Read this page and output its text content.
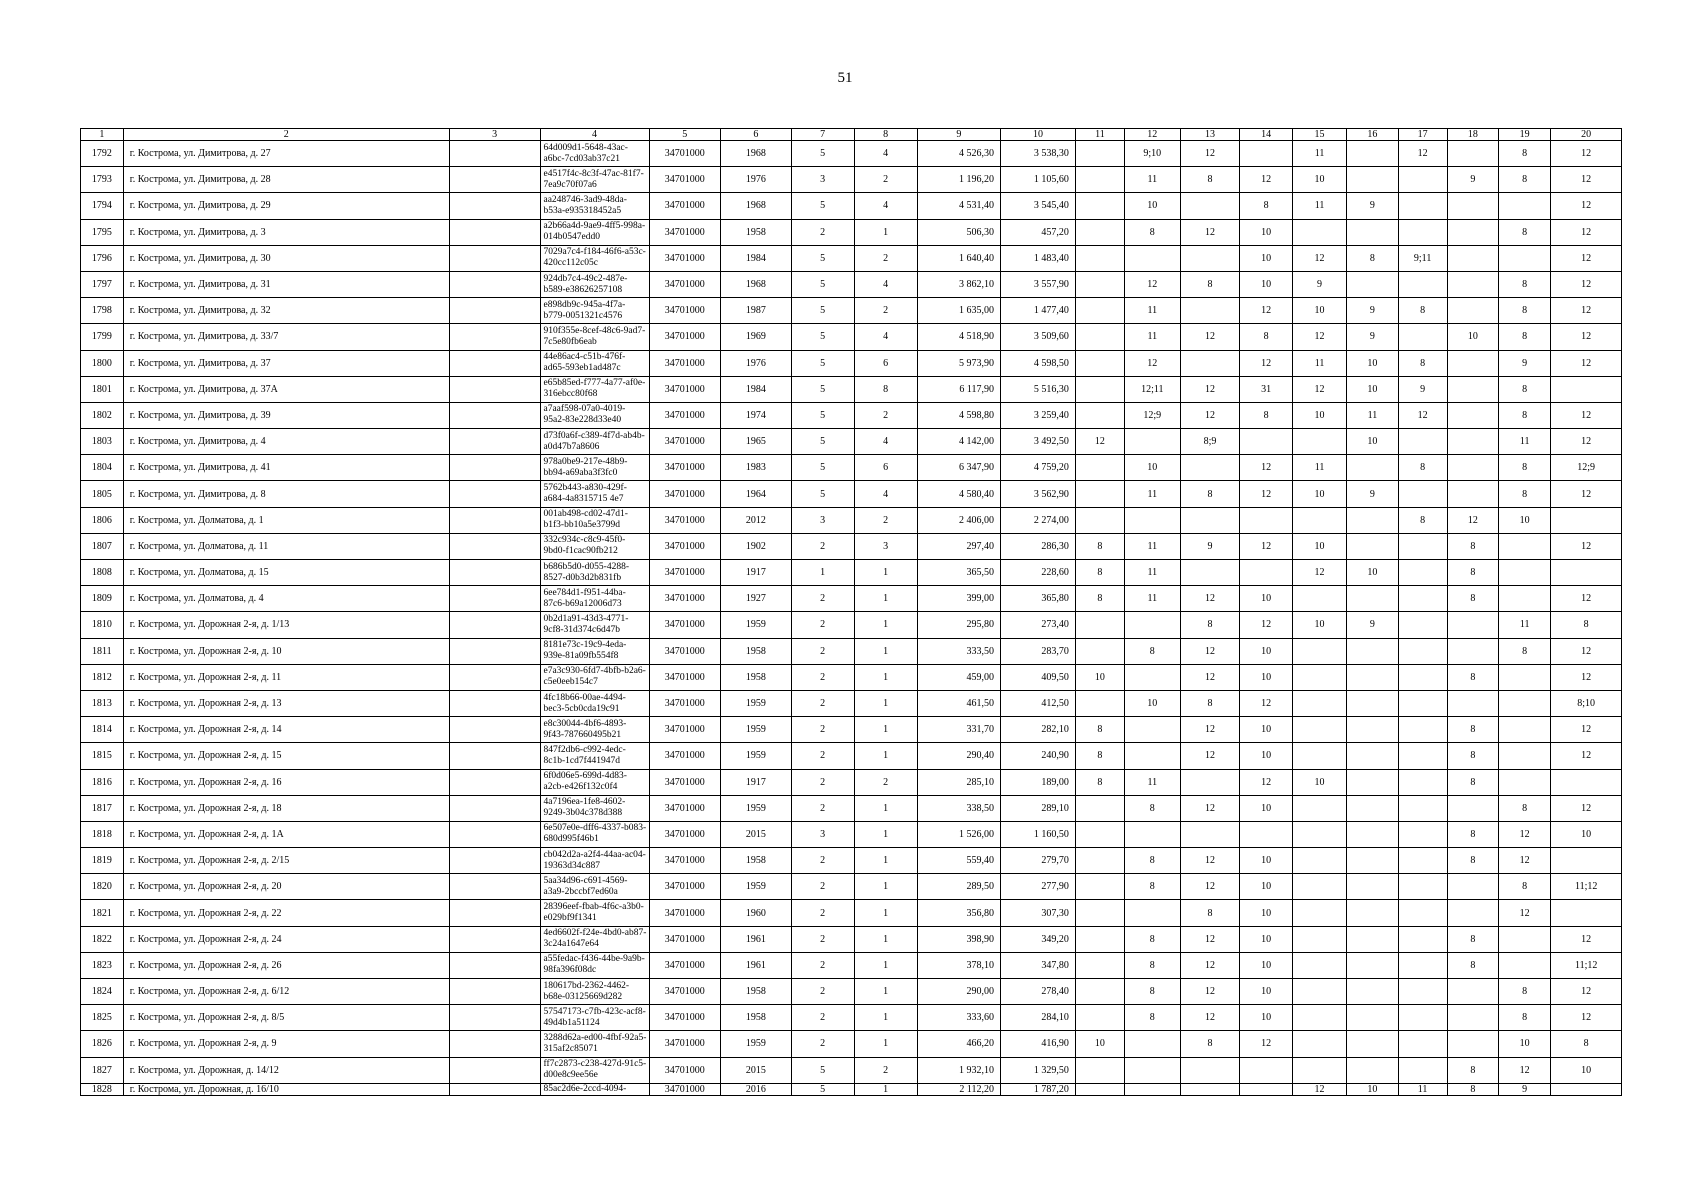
51
1	2	3	4	5	6	7	8	9	10	11	12	13	14	15	16	17	18	19	20
1792	г. Кострома, ул. Димитрова, д. 27		64d009d1-5648-43ac-a6bc-7cd03ab37c21	34701000	1968	5	4	4 526,30	3 538,30		9;10	12		11		12		8	12
1793	г. Кострома, ул. Димитрова, д. 28		e4517f4c-8c3f-47ac-81f7-7ea9c70f07a6	34701000	1976	3	2	1 196,20	1 105,60		11	8	12	10			9	8	12
1794	г. Кострома, ул. Димитрова, д. 29		aa248746-3ad9-48da-b53a-e935318452a5	34701000	1968	5	4	4 531,40	3 545,40		10		8	11	9				12
1795	г. Кострома, ул. Димитрова, д. 3		a2b66a4d-9ae9-4ff5-998a-014b0547edd0	34701000	1958	2	1	506,30	457,20		8	12	10					8	12
1796	г. Кострома, ул. Димитрова, д. 30		7029a7c4-f184-46f6-a53c-420cc112c05c	34701000	1984	5	2	1 640,40	1 483,40				10	12	8	9;11			12
1797	г. Кострома, ул. Димитрова, д. 31		924db7c4-49c2-487e-b589-e38626257108	34701000	1968	5	4	3 862,10	3 557,90		12	8	10	9				8	12
1798	г. Кострома, ул. Димитрова, д. 32		e898db9c-945a-4f7a-b779-0051321c4576	34701000	1987	5	2	1 635,00	1 477,40		11		12	10	9	8		8	12
1799	г. Кострома, ул. Димитрова, д. 33/7		910f355e-8cef-48c6-9ad7-7c5e80fb6eab	34701000	1969	5	4	4 518,90	3 509,60		11	12	8	12	9		10	8	12
1800	г. Кострома, ул. Димитрова, д. 37		44e86ac4-c51b-476f-ad65-593eb1ad487c	34701000	1976	5	6	5 973,90	4 598,50		12		12	11	10	8		9	12
1801	г. Кострома, ул. Димитрова, д. 37А		e65b85ed-f777-4a77-af0e-316ebcc80f68	34701000	1984	5	8	6 117,90	5 516,30		12;11	12	31	12	10	9		8	
1802	г. Кострома, ул. Димитрова, д. 39		a7aaf598-07a0-4019-95a2-83e228d33e40	34701000	1974	5	2	4 598,80	3 259,40		12;9	12	8	10	11	12		8	12
1803	г. Кострома, ул. Димитрова, д. 4		d73f0a6f-c389-4f7d-ab4b-a0d47b7a8606	34701000	1965	5	4	4 142,00	3 492,50	12		8;9			10			11	12
1804	г. Кострома, ул. Димитрова, д. 41		978a0be9-217e-48b9-bb94-a69aba3f3fc0	34701000	1983	5	6	6 347,90	4 759,20		10		12	11		8		8	12;9
1805	г. Кострома, ул. Димитрова, д. 8		5762b443-a830-429f-a684-4a8315715 4e7	34701000	1964	5	4	4 580,40	3 562,90		11	8	12	10	9			8	12
1806	г. Кострома, ул. Долматова, д. 1		001ab498-cd02-47d1-b1f3-bb10a5e3799d	34701000	2012	3	2	2 406,00	2 274,00							8	12	10	
1807	г. Кострома, ул. Долматова, д. 11		332c934c-c8c9-45f0-9bd0-f1cac90fb212	34701000	1902	2	3	297,40	286,30	8	11	9	12	10			8		12
1808	г. Кострома, ул. Долматова, д. 15		b686b5d0-d055-4288-8527-d0b3d2b831fb	34701000	1917	1	1	365,50	228,60	8	11			12	10		8		
1809	г. Кострома, ул. Долматова, д. 4		6ee784d1-f951-44ba-87c6-b69a12006d73	34701000	1927	2	1	399,00	365,80	8	11	12	10				8		12
1810	г. Кострома, ул. Дорожная 2-я, д. 1/13		0b2d1a91-43d3-4771-9cf8-31d374c6d47b	34701000	1959	2	1	295,80	273,40			8	12	10	9			11	8
1811	г. Кострома, ул. Дорожная 2-я, д. 10		8181e73c-19c9-4eda-939e-81a09fb554f8	34701000	1958	2	1	333,50	283,70		8	12	10					8	12
1812	г. Кострома, ул. Дорожная 2-я, д. 11		e7a3c930-6fd7-4bfb-b2a6-c5e0eeb154c7	34701000	1958	2	1	459,00	409,50	10		12	10				8		12
1813	г. Кострома, ул. Дорожная 2-я, д. 13		4fc18b66-00ae-4494-bec3-5cb0cda19c91	34701000	1959	2	1	461,50	412,50		10	8	12						8;10
1814	г. Кострома, ул. Дорожная 2-я, д. 14		e8c30044-4bf6-4893-9f43-787660495b21	34701000	1959	2	1	331,70	282,10	8		12	10				8		12
1815	г. Кострома, ул. Дорожная 2-я, д. 15		847f2db6-c992-4edc-8c1b-1cd7f441947d	34701000	1959	2	1	290,40	240,90	8		12	10				8		12
1816	г. Кострома, ул. Дорожная 2-я, д. 16		6f0d06e5-699d-4d83-a2cb-e426f132c0f4	34701000	1917	2	2	285,10	189,00	8	11		12	10			8		
1817	г. Кострома, ул. Дорожная 2-я, д. 18		4a7196ea-1fe8-4602-9249-3b04c378d388	34701000	1959	2	1	338,50	289,10		8	12	10					8	12
1818	г. Кострома, ул. Дорожная 2-я, д. 1А		6e507e0e-dff6-4337-b083-680d995f46b1	34701000	2015	3	1	1 526,00	1 160,50								8	12	10
1819	г. Кострома, ул. Дорожная 2-я, д. 2/15		cb042d2a-a2f4-44aa-ac04-19363d34c887	34701000	1958	2	1	559,40	279,70		8	12	10				8	12	
1820	г. Кострома, ул. Дорожная 2-я, д. 20		5aa34d96-c691-4569-a3a9-2bccbf7ed60a	34701000	1959	2	1	289,50	277,90		8	12	10					8	11;12
1821	г. Кострома, ул. Дорожная 2-я, д. 22		28396eef-fbab-4f6c-a3b0-e029bf9f1341	34701000	1960	2	1	356,80	307,30			8	10					12	
1822	г. Кострома, ул. Дорожная 2-я, д. 24		4ed6602f-f24e-4bd0-ab87-3c24a1647e64	34701000	1961	2	1	398,90	349,20		8	12	10				8		12
1823	г. Кострома, ул. Дорожная 2-я, д. 26		a55fedac-f436-44be-9a9b-98fa396f08dc	34701000	1961	2	1	378,10	347,80		8	12	10				8		11;12
1824	г. Кострома, ул. Дорожная 2-я, д. 6/12		180617bd-2362-4462-b68e-03125669d282	34701000	1958	2	1	290,00	278,40		8	12	10					8	12
1825	г. Кострома, ул. Дорожная 2-я, д. 8/5		57547173-c7fb-423c-acf8-49d4b1a51124	34701000	1958	2	1	333,60	284,10		8	12	10					8	12
1826	г. Кострома, ул. Дорожная 2-я, д. 9		3288d62a-ed00-4fbf-92a5-315af2c85071	34701000	1959	2	1	466,20	416,90	10		8	12					10	8
1827	г. Кострома, ул. Дорожная, д. 14/12		ff7c2873-c238-427d-91c5-d00e8c9ee56e	34701000	2015	5	2	1 932,10	1 329,50								8	12	10
1828	г. Кострома, ул. Дорожная, д. 16/10		85ac2d6e-2ccd-4094-	34701000	2016	5	1	2 112,20	1 787,20					12	10	11	8	9	
